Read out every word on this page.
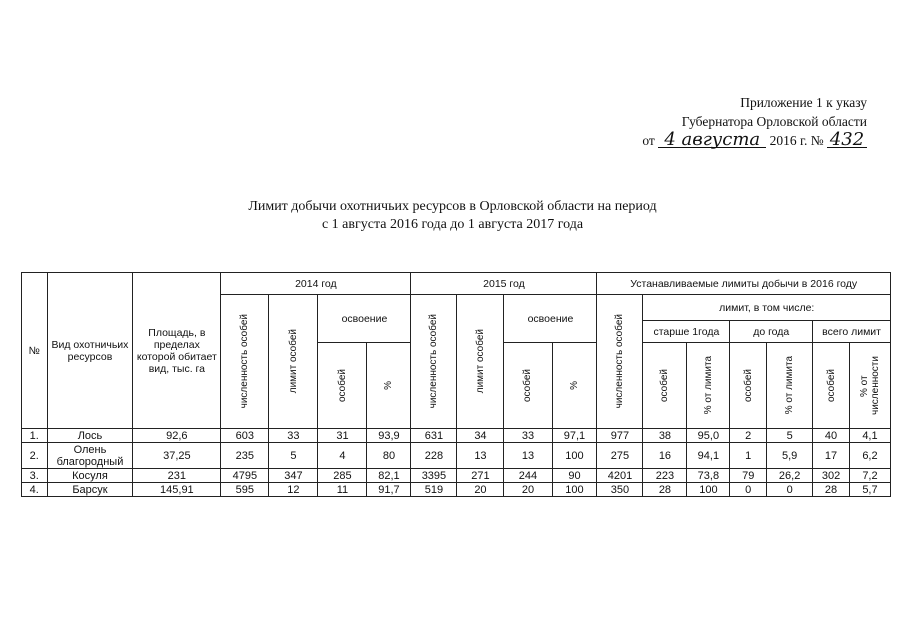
Приложение 1 к указу
Губернатора Орловской области
от 4 августа 2016 г. № 432
Лимит добычи охотничьих ресурсов в Орловской области на период
с 1 августа 2016 года до 1 августа 2017 года
№	Вид охотничьих ресурсов	Площадь, в пределах которой обитает вид, тыс. га	2014 год				2015 год				Устанавливаемые лимиты добычи в 2016 году						

			численность особей	лимит особей	освоение		численность особей	лимит особей	освоение		численность особей	лимит, в том числе:					
												старше 1года		до года		всего лимит	

					особей	%			особей	%		особей	% от лимита	особей	% от лимита	особей	% от численности

1.	Лось	92,6	603	33	31	93,9	631	34	33	97,1	977	38	95,0	2	5	40	4,1
2.	Олень благородный	37,25	235	5	4	80	228	13	13	100	275	16	94,1	1	5,9	17	6,2
3.	Косуля	231	4795	347	285	82,1	3395	271	244	90	4201	223	73,8	79	26,2	302	7,2
4.	Барсук	145,91	595	12	11	91,7	519	20	20	100	350	28	100	0	0	28	5,7
